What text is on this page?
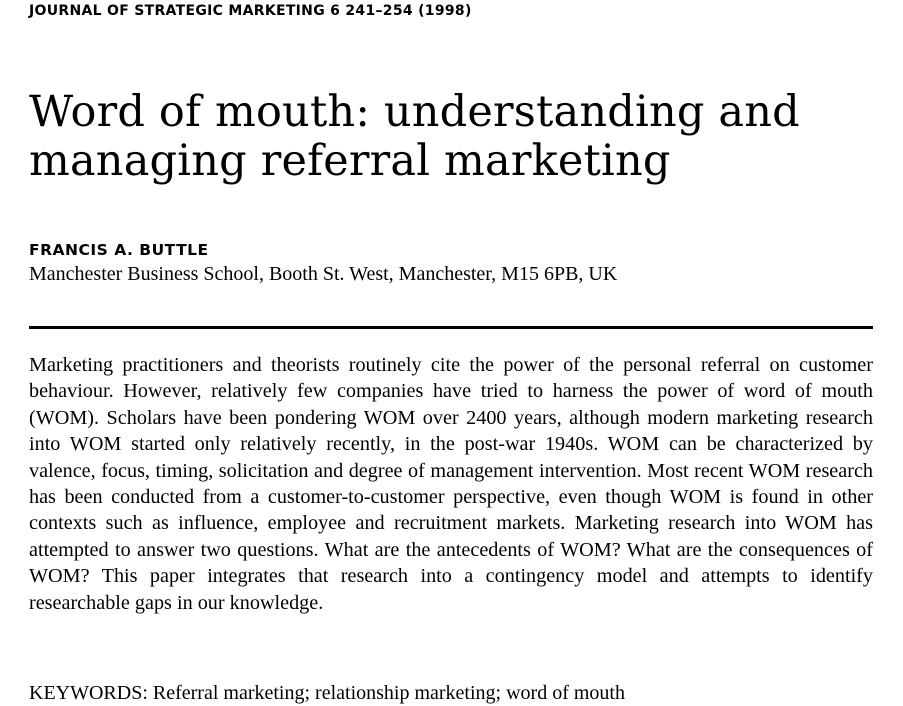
JOURNAL OF STRATEGIC MARKETING 6 241–254 (1998)
Word of mouth: understanding and
managing referral marketing
FRANCIS A. BUTTLE
Manchester Business School, Booth St. West, Manchester, M15 6PB, UK

Marketing practitioners and theorists routinely cite the power of the personal referral on customer behaviour. However, relatively few companies have tried to harness the power of word of mouth (WOM). Scholars have been pondering WOM over 2400 years, although modern marketing research into WOM started only relatively recently, in the post-war 1940s. WOM can be characterized by valence, focus, timing, solicitation and degree of management intervention. Most recent WOM research has been conducted from a customer-to-customer perspective, even though WOM is found in other contexts such as influence, employee and recruitment markets. Marketing research into WOM has attempted to answer two questions. What are the antecedents of WOM? What are the consequences of WOM? This paper integrates that research into a contingency model and attempts to identify researchable gaps in our knowledge.

KEYWORDS: Referral marketing; relationship marketing; word of mouth
